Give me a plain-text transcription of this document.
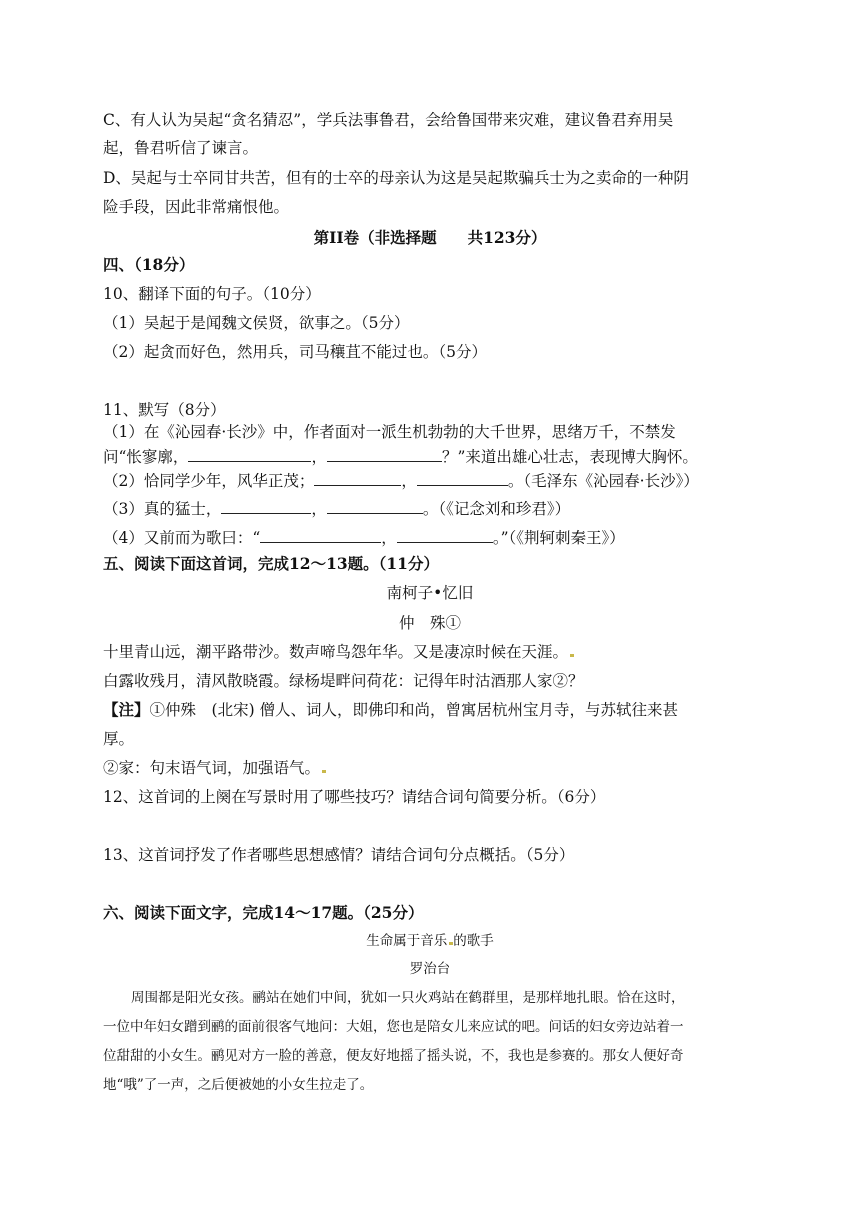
C、有人认为吴起“贪名猜忍”，学兵法事鲁君，会给鲁国带来灾难，建议鲁君弃用吴
起，鲁君听信了谏言。
D、吴起与士卒同甘共苦，但有的士卒的母亲认为这是吴起欺骗兵士为之卖命的一种阴
险手段，因此非常痛恨他。
第II卷（非选择题　　共123分）
四、（18分）
10、翻译下面的句子。（10分）
（1）吴起于是闻魏文侯贤，欲事之。（5分）
（2）起贪而好色，然用兵，司马穰苴不能过也。（5分）
11、默写（8分）
（1）在《沁园春·长沙》中，作者面对一派生机勃勃的大千世界，思绪万千，不禁发
问“怅寥廓，	，	？”来道出雄心壮志，表现博大胸怀。
（2）恰同学少年，风华正茂；	，	。（毛泽东《沁园春·长沙》）
（3）真的猛士，	，	。（《记念刘和珍君》）
（4）又前而为歌曰：“	，	。”（《荆轲刺秦王》）
五、阅读下面这首词，完成12～13题。（11分）
南柯子•忆旧
仲　殊①
十里青山远，潮平路带沙。数声啼鸟怨年华。又是凄凉时候在天涯。
白露收残月，清风散晓霞。绿杨堤畔问荷花：记得年时沽酒那人家②？
【注】①仲殊　(北宋) 僧人、词人，即佛印和尚，曾寓居杭州宝月寺，与苏轼往来甚
厚。
②家：句末语气词，加强语气。
12、这首词的上阕在写景时用了哪些技巧？请结合词句简要分析。（6分）
13、这首词抒发了作者哪些思想感情？请结合词句分点概括。（5分）
六、阅读下面文字，完成14～17题。（25分）
生命属于音乐 的歌手
罗治台
周围都是阳光女孩。鹂站在她们中间，犹如一只火鸡站在鹤群里，是那样地扎眼。恰在这时，
一位中年妇女蹭到鹂的面前很客气地问：大姐，您也是陪女儿来应试的吧。问话的妇女旁边站着一
位甜甜的小女生。鹂见对方一脸的善意，便友好地摇了摇头说，不，我也是参赛的。那女人便好奇
地“哦”了一声，之后便被她的小女生拉走了。
